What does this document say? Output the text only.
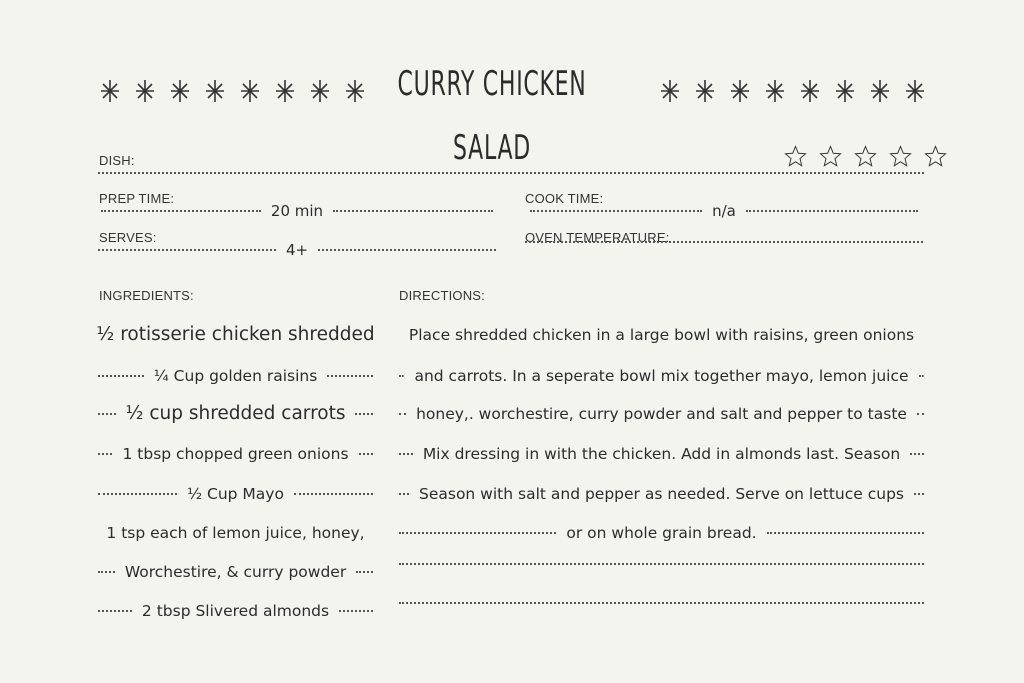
CURRY CHICKEN
SALAD
DISH:
PREP TIME:
20 min
COOK TIME:
n/a
SERVES:
4+
OVEN TEMPERATURE:
INGREDIENTS:	DIRECTIONS:
½ rotisserie chicken shredded
¼ Cup golden raisins
½ cup shredded carrots
1 tbsp chopped green onions
½ Cup Mayo
1 tsp each of lemon juice, honey,
Worchestire, & curry powder
2 tbsp Slivered almonds
Place shredded chicken in a large bowl with raisins, green onions
and carrots. In a seperate bowl mix together mayo, lemon juice
honey,. worchestire, curry powder and salt and pepper to taste
Mix dressing in with the chicken. Add in almonds last. Season
Season with salt and pepper as needed. Serve on lettuce cups
or on whole grain bread.
